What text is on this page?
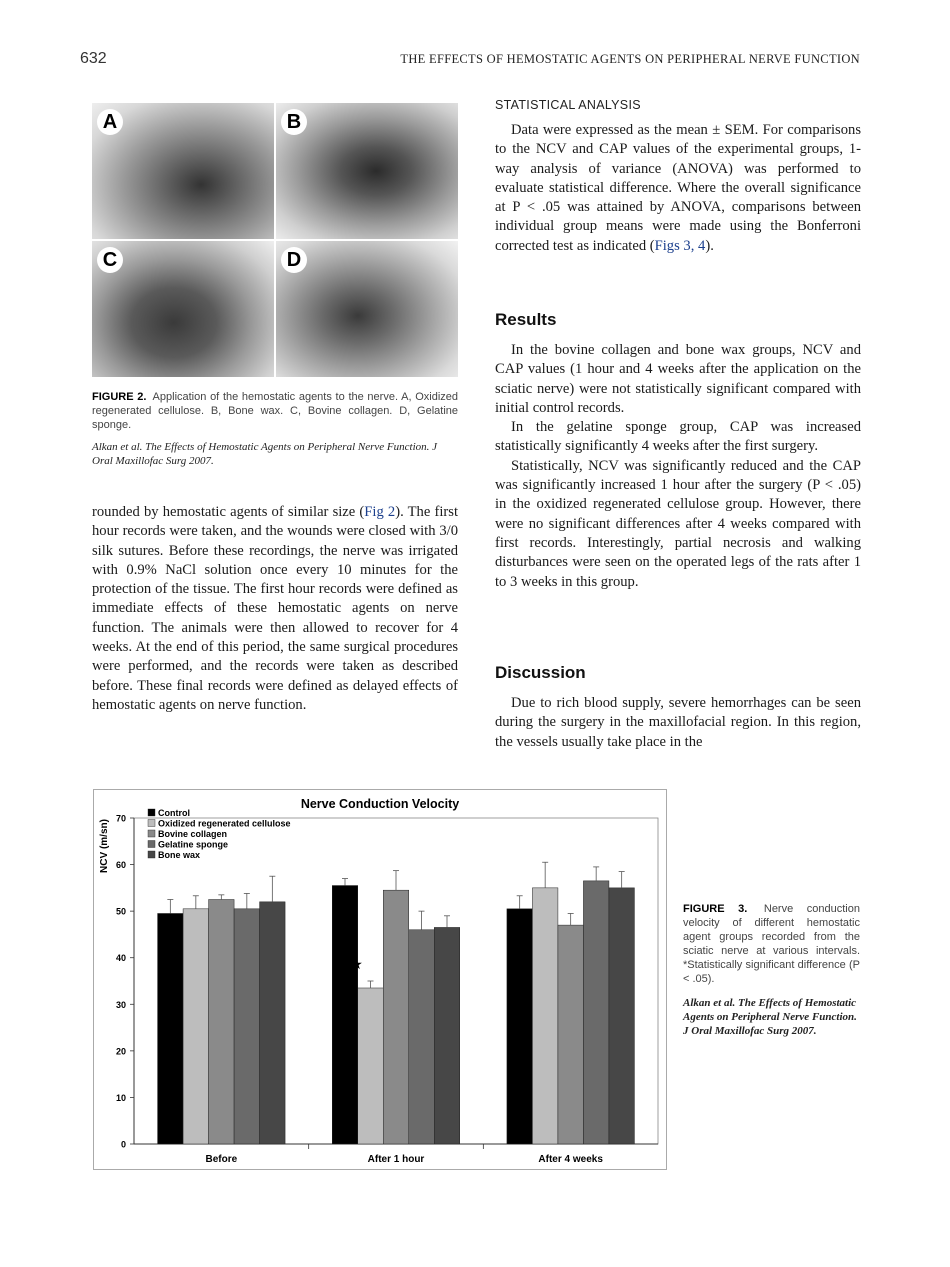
632	THE EFFECTS OF HEMOSTATIC AGENTS ON PERIPHERAL NERVE FUNCTION
A	B
C	D
FIGURE 2. Application of the hemostatic agents to the nerve. A, Oxidized regenerated cellulose. B, Bone wax. C, Bovine collagen. D, Gelatine sponge.
Alkan et al. The Effects of Hemostatic Agents on Peripheral Nerve Function. J Oral Maxillofac Surg 2007.

rounded by hemostatic agents of similar size (Fig 2). The first hour records were taken, and the wounds were closed with 3/0 silk sutures. Before these recordings, the nerve was irrigated with 0.9% NaCl solution once every 10 minutes for the protection of the tissue. The first hour records were defined as immediate effects of these hemostatic agents on nerve function. The animals were then allowed to recover for 4 weeks. At the end of this period, the same surgical procedures were performed, and the records were taken as described before. These final records were defined as delayed effects of hemostatic agents on nerve function.

STATISTICAL ANALYSIS

Data were expressed as the mean ± SEM. For comparisons to the NCV and CAP values of the experimental groups, 1-way analysis of variance (ANOVA) was performed to evaluate statistical difference. Where the overall significance at P < .05 was attained by ANOVA, comparisons between individual group means were made using the Bonferroni corrected test as indicated (Figs 3, 4).

Results

In the bovine collagen and bone wax groups, NCV and CAP values (1 hour and 4 weeks after the application on the sciatic nerve) were not statistically significant compared with initial control records.

In the gelatine sponge group, CAP was increased statistically significantly 4 weeks after the first surgery.

Statistically, NCV was significantly reduced and the CAP was significantly increased 1 hour after the surgery (P < .05) in the oxidized regenerated cellulose group. However, there were no significant differences after 4 weeks compared with first records. Interestingly, partial necrosis and walking disturbances were seen on the operated legs of the rats after 1 to 3 weeks in this group.

Discussion

Due to rich blood supply, severe hemorrhages can be seen during the surgery in the maxillofacial region. In this region, the vessels usually take place in the

Nerve Conduction Velocity
NCV (m/sn)
0
10
20
30
40
50
60
70
Before	After 1 hour
★
After 4 weeks
Control
Oxidized regenerated cellulose
Bovine collagen
Gelatine sponge
Bone wax
FIGURE 3. Nerve conduction velocity of different hemostatic agent groups recorded from the sciatic nerve at various intervals. *Statistically significant difference (P < .05).
Alkan et al. The Effects of Hemostatic Agents on Peripheral Nerve Function. J Oral Maxillofac Surg 2007.
